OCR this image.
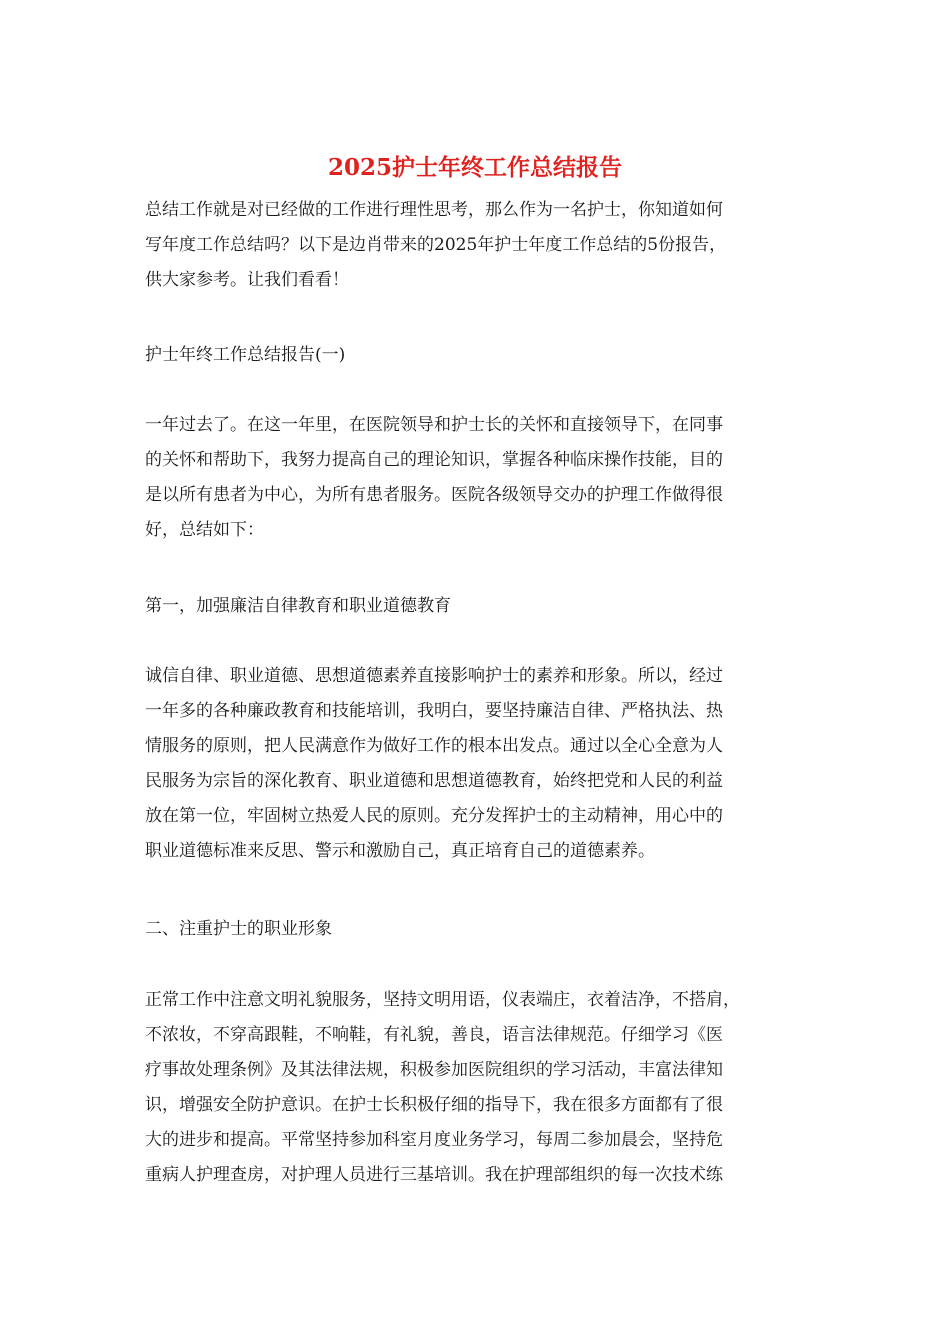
2025护士年终工作总结报告

总结工作就是对已经做的工作进行理性思考，那么作为一名护士，你知道如何
写年度工作总结吗？以下是边肖带来的2025年护士年度工作总结的5份报告，
供大家参考。让我们看看！

护士年终工作总结报告(一)

一年过去了。在这一年里，在医院领导和护士长的关怀和直接领导下，在同事
的关怀和帮助下，我努力提高自己的理论知识，掌握各种临床操作技能，目的
是以所有患者为中心，为所有患者服务。医院各级领导交办的护理工作做得很
好，总结如下：

第一，加强廉洁自律教育和职业道德教育

诚信自律、职业道德、思想道德素养直接影响护士的素养和形象。所以，经过
一年多的各种廉政教育和技能培训，我明白，要坚持廉洁自律、严格执法、热
情服务的原则，把人民满意作为做好工作的根本出发点。通过以全心全意为人
民服务为宗旨的深化教育、职业道德和思想道德教育，始终把党和人民的利益
放在第一位，牢固树立热爱人民的原则。充分发挥护士的主动精神，用心中的
职业道德标准来反思、警示和激励自己，真正培育自己的道德素养。

二、注重护士的职业形象

正常工作中注意文明礼貌服务，坚持文明用语，仪表端庄，衣着洁净，不搭肩，
不浓妆，不穿高跟鞋，不响鞋，有礼貌，善良，语言法律规范。仔细学习《医
疗事故处理条例》及其法律法规，积极参加医院组织的学习活动，丰富法律知
识，增强安全防护意识。在护士长积极仔细的指导下，我在很多方面都有了很
大的进步和提高。平常坚持参加科室月度业务学习，每周二参加晨会，坚持危
重病人护理查房，对护理人员进行三基培训。我在护理部组织的每一次技术练
